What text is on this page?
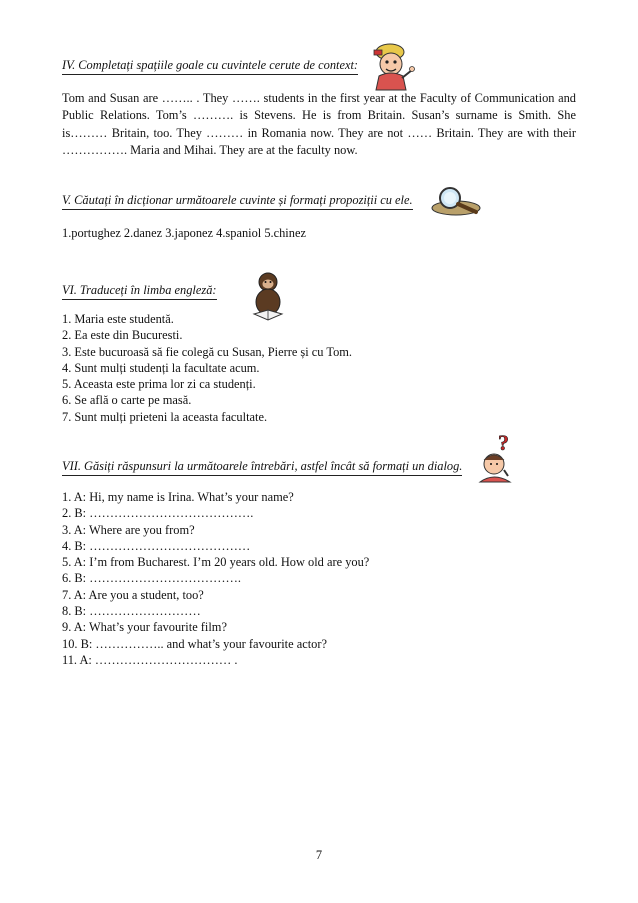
IV. Completați spațiile goale cu cuvintele cerute de context:
Tom and Susan are …….. . They ……. students in the first year at the Faculty of Communication and Public Relations. Tom’s ………. is Stevens. He is from Britain. Susan’s surname is Smith. She is……… Britain, too. They ……… in Romania now. They are not …… Britain. They are with their ……………. Maria and Mihai. They are at the faculty now.
V. Căutați în dicționar următoarele cuvinte și formați propoziții cu ele.
1.portughez 2.danez 3.japonez 4.spaniol 5.chinez
VI. Traduceți în limba engleză:
1. Maria este studentă.
2. Ea este din Bucuresti.
3. Este bucuroasă să fie colegă cu Susan, Pierre și cu Tom.
4. Sunt mulți studenți la facultate acum.
5. Aceasta este prima lor zi ca studenți.
6. Se află o carte pe masă.
7. Sunt mulți prieteni la aceasta facultate.
VII. Găsiți răspunsuri la următoarele întrebări, astfel încât să formați un dialog.
?
1. A: Hi, my name is Irina. What’s your name?
2. B: ………………………………….
3. A: Where are you from?
4. B: …………………………………
5. A: I’m from Bucharest. I’m 20 years old. How old are you?
6. B: ……………………………….
7. A: Are you a student, too?
8. B: ………………………
9. A: What’s your favourite film?
10. B: …………….. and what’s your favourite actor?
11. A: …………………………… .
7
